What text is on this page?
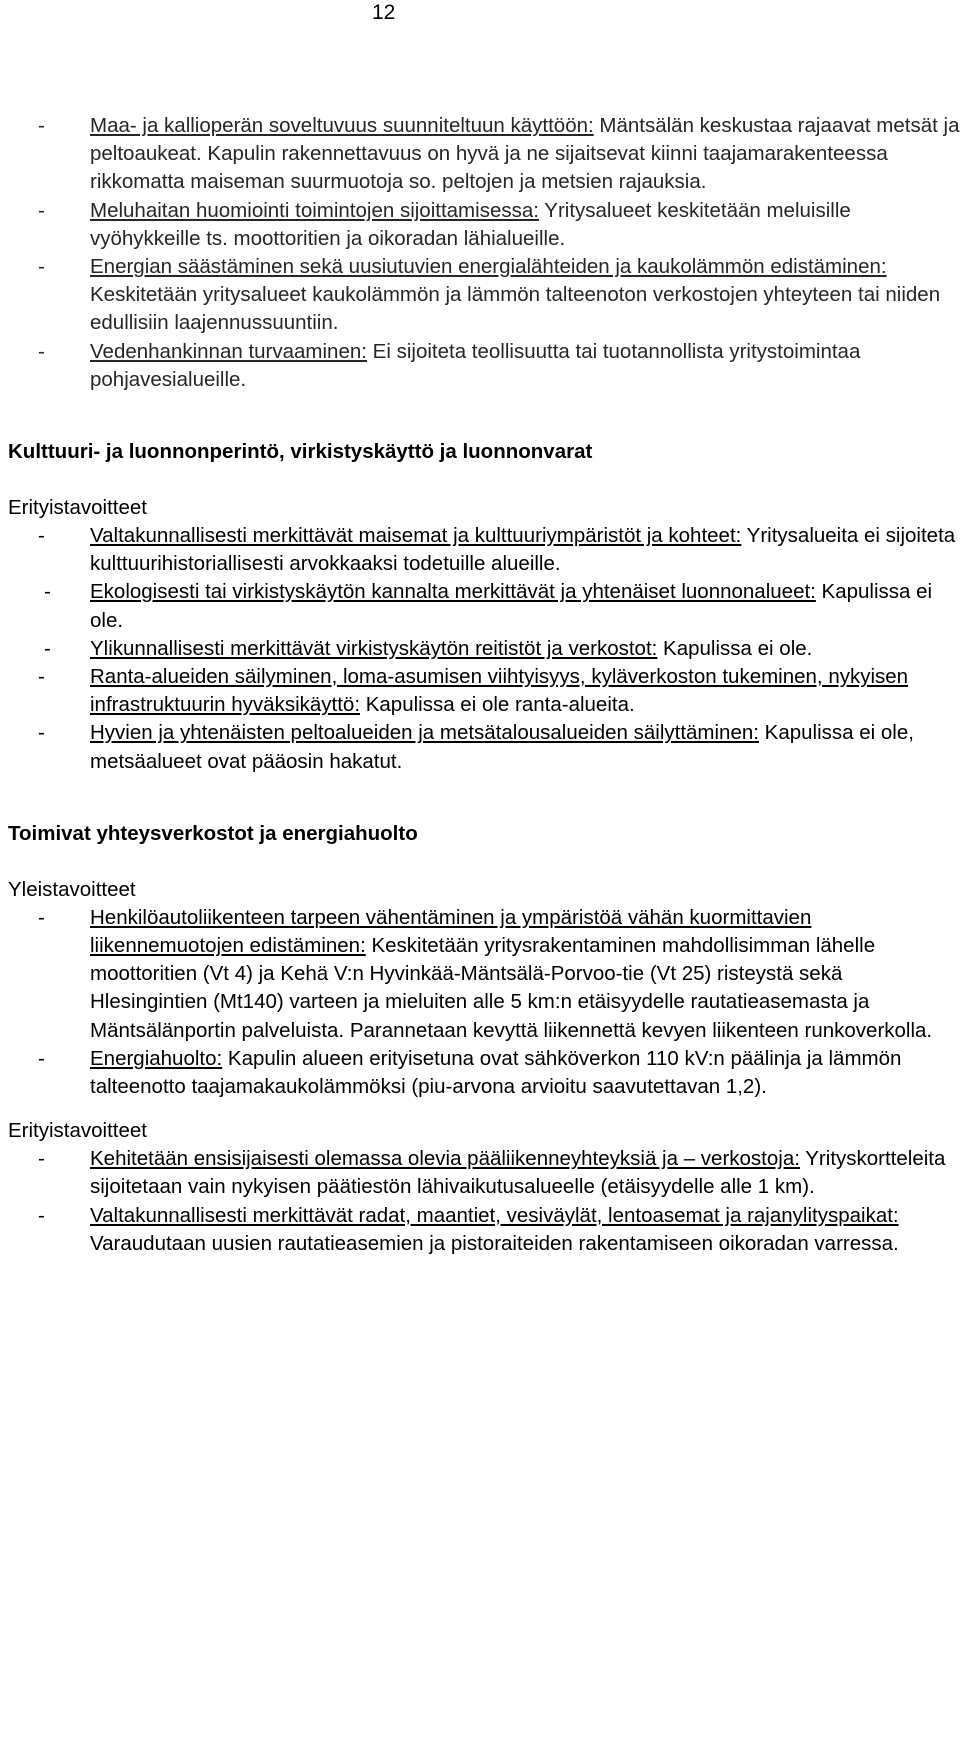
12
- Maa- ja kallioperän soveltuvuus suunniteltuun käyttöön: Mäntsälän keskustaa rajaavat metsät ja peltoaukeat. Kapulin rakennettavuus on hyvä ja ne sijaitsevat kiinni taajamarakenteessa rikkomatta maiseman suurmuotoja so. peltojen ja metsien rajauksia.
- Meluhaitan huomiointi toimintojen sijoittamisessa: Yritysalueet keskitetään meluisille vyöhykkeille ts. moottoritien ja oikoradan lähialueille.
- Energian säästäminen sekä uusiutuvien energialähteiden ja kaukolämmön edistäminen: Keskitetään yritysalueet kaukolämmön ja lämmön talteenoton verkostojen yhteyteen tai niiden edullisiin laajennussuuntiin.
- Vedenhankinnan turvaaminen: Ei sijoiteta teollisuutta tai tuotannollista yritystoimintaa pohjavesialueille.
Kulttuuri- ja luonnonperintö, virkistyskäyttö ja luonnonvarat
Erityistavoitteet
- Valtakunnallisesti merkittävät maisemat ja kulttuuriympäristöt ja kohteet: Yritysalueita ei sijoiteta kulttuurihistoriallisesti arvokkaaksi todetuille alueille.
- Ekologisesti tai virkistyskäytön kannalta merkittävät ja yhtenäiset luonnonalueet: Kapulissa ei ole.
- Ylikunnallisesti merkittävät virkistyskäytön reitistöt ja verkostot: Kapulissa ei ole.
- Ranta-alueiden säilyminen, loma-asumisen viihtyisyys, kyläverkoston tukeminen, nykyisen infrastruktuurin hyväksikäyttö: Kapulissa ei ole ranta-alueita.
- Hyvien ja yhtenäisten peltoalueiden ja metsätalousalueiden säilyttäminen: Kapulissa ei ole, metsäalueet ovat pääosin hakatut.
Toimivat yhteysverkostot ja energiahuolto
Yleistavoitteet
- Henkilöautoliikenteen tarpeen vähentäminen ja ympäristöä vähän kuormittavien liikennemuotojen edistäminen: Keskitetään yritysrakentaminen mahdollisimman lähelle moottoritien (Vt 4) ja Kehä V:n Hyvinkää-Mäntsälä-Porvoo-tie (Vt 25) risteystä sekä Hlesingintien (Mt140) varteen ja mieluiten alle 5 km:n etäisyydelle rautatieasemasta ja Mäntsälänportin palveluista. Parannetaan kevyttä liikennettä kevyen liikenteen runkoverkolla.
- Energiahuolto: Kapulin alueen erityisetuna ovat sähköverkon 110 kV:n päälinja ja lämmön talteenotto taajamakaukolämmöksi (piu-arvona arvioitu saavutettavan 1,2).
Erityistavoitteet
- Kehitetään ensisijaisesti olemassa olevia pääliikenneyhteyksiä ja – verkostoja: Yrityskortteleita sijoitetaan vain nykyisen päätiestön lähivaikutusalueelle (etäisyydelle alle 1 km).
- Valtakunnallisesti merkittävät radat, maantiet, vesiväylät, lentoasemat ja rajanylityspaikat: Varaudutaan uusien rautatieasemien ja pistoraiteiden rakentamiseen oikoradan varressa.
